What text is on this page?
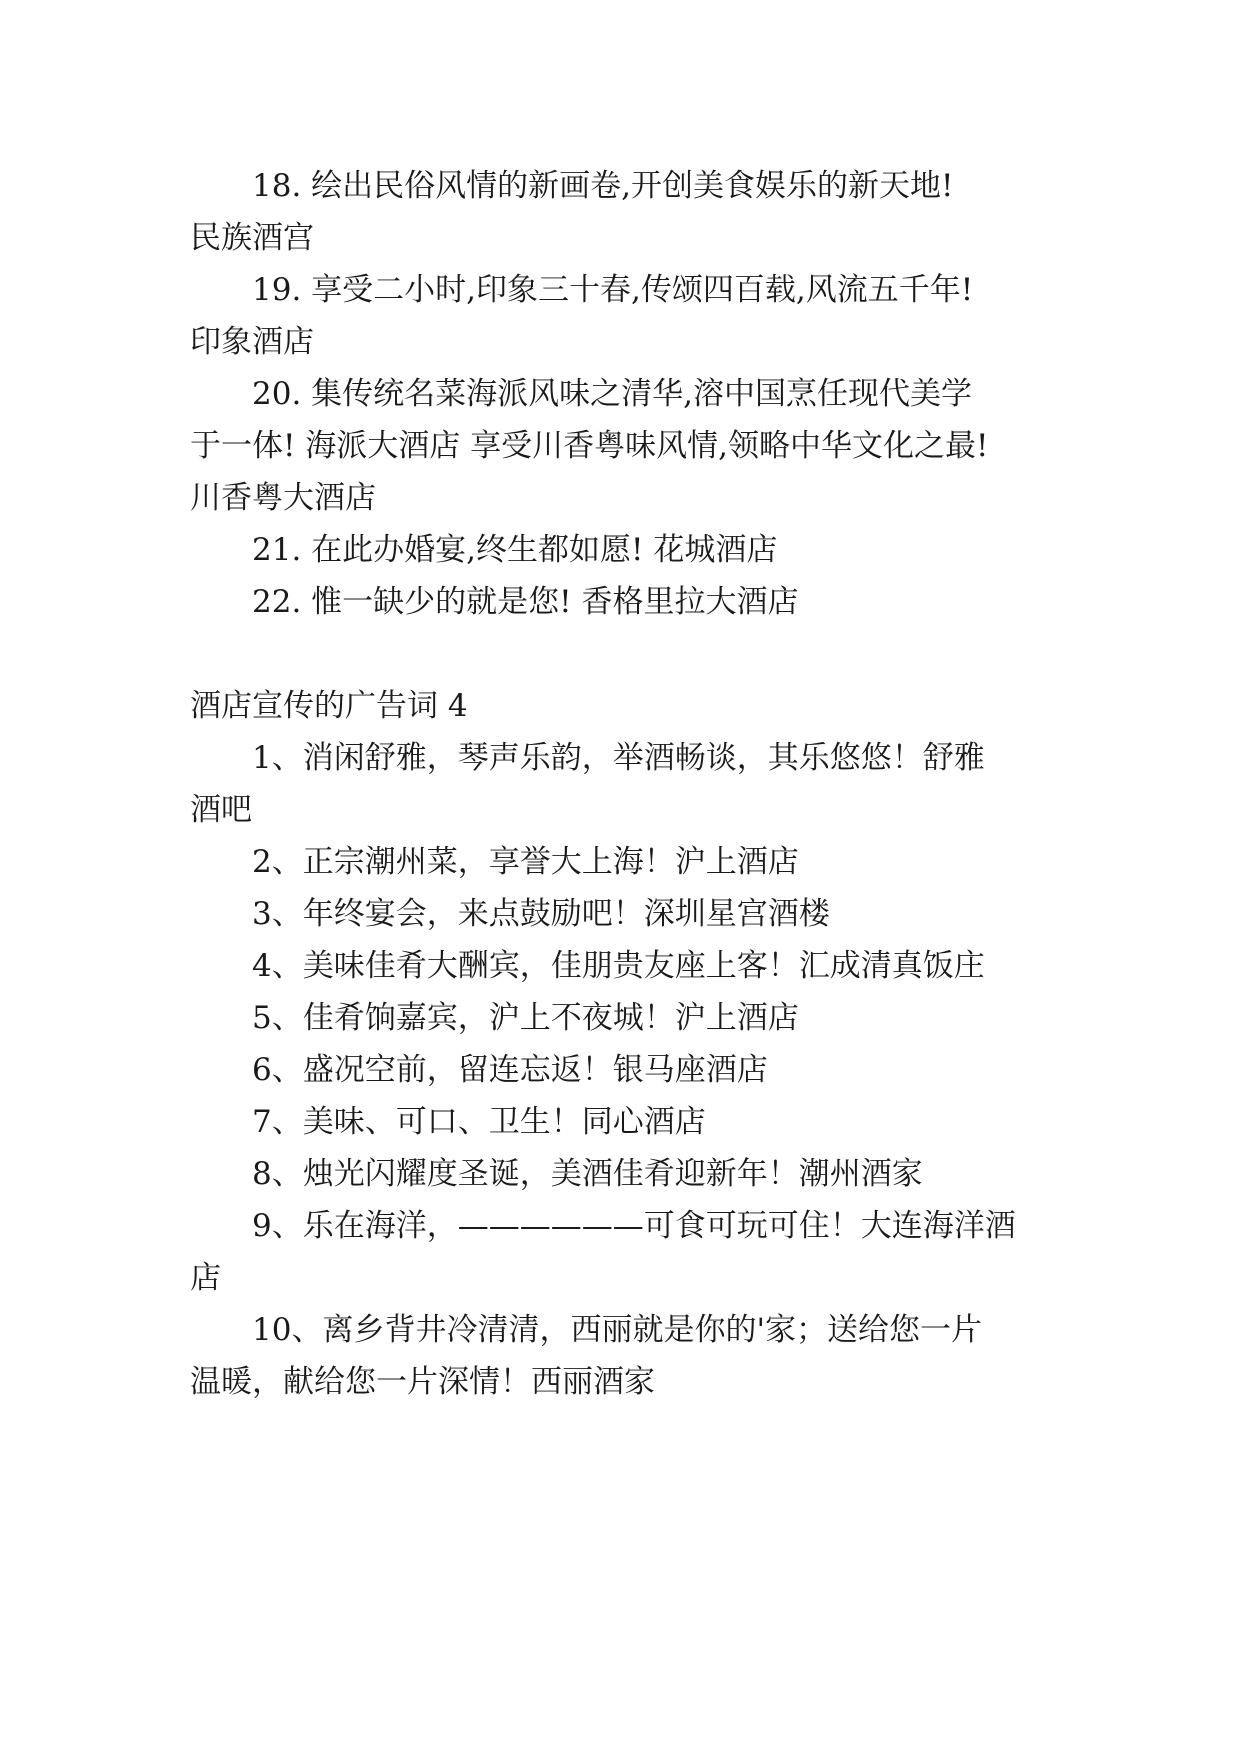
18. 绘出民俗风情的新画卷,开创美食娱乐的新天地!
民族酒宫
19. 享受二小时,印象三十春,传颂四百载,风流五千年!
印象酒店
20. 集传统名菜海派风味之清华,溶中国烹任现代美学
于一体! 海派大酒店 享受川香粤味风情,领略中华文化之最!
川香粤大酒店
21. 在此办婚宴,终生都如愿! 花城酒店
22. 惟一缺少的就是您! 香格里拉大酒店
酒店宣传的广告词 4
1、消闲舒雅，琴声乐韵，举酒畅谈，其乐悠悠！舒雅
酒吧
2、正宗潮州菜，享誉大上海！沪上酒店
3、年终宴会，来点鼓励吧！深圳星宫酒楼
4、美味佳肴大酬宾，佳朋贵友座上客！汇成清真饭庄
5、佳肴饷嘉宾，沪上不夜城！沪上酒店
6、盛况空前，留连忘返！银马座酒店
7、美味、可口、卫生！同心酒店
8、烛光闪耀度圣诞，美酒佳肴迎新年！潮州酒家
9、乐在海洋，——————可食可玩可住！大连海洋酒
店
10、离乡背井冷清清，西丽就是你的'家；送给您一片
温暖，献给您一片深情！西丽酒家
